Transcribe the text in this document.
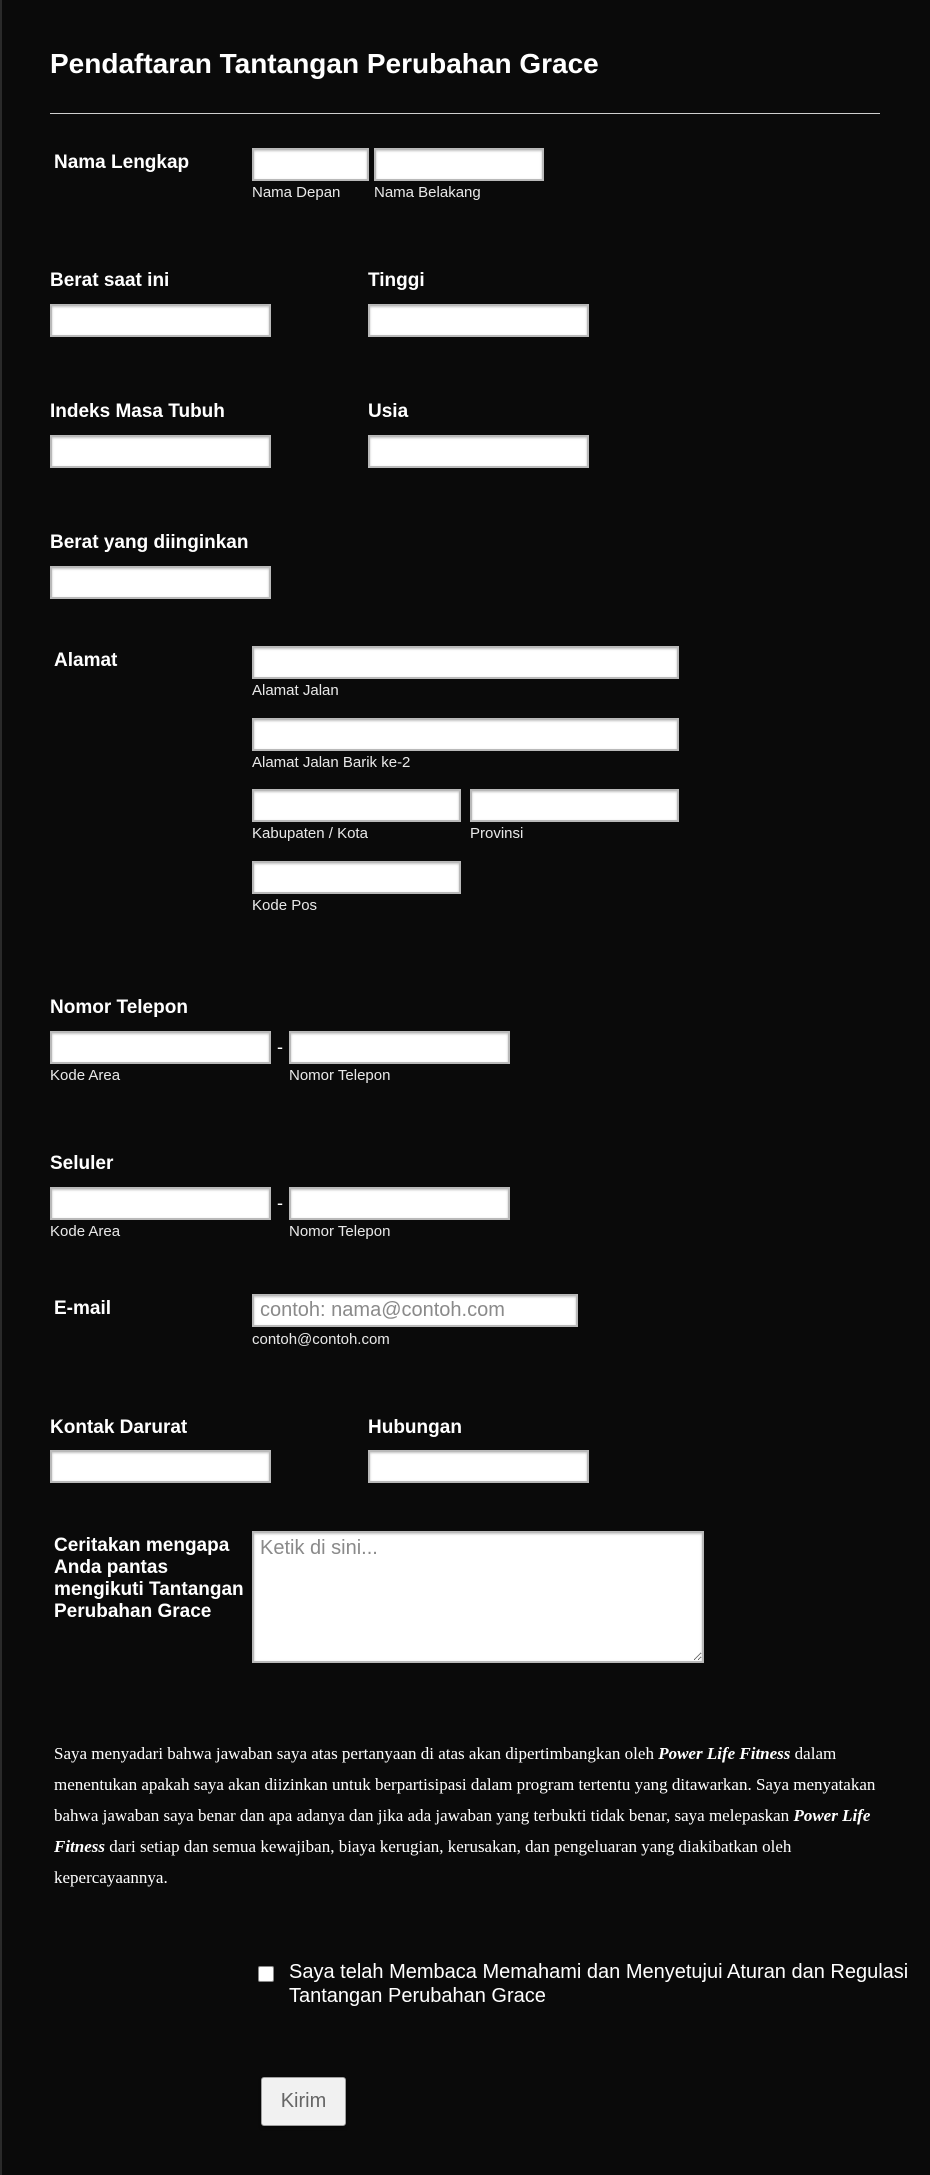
Pendaftaran Tantangan Perubahan Grace
Nama Lengkap
Nama Depan Nama Belakang
Berat saat ini	Tinggi
Indeks Masa Tubuh	Usia
Berat yang diinginkan
Alamat
Alamat Jalan
Alamat Jalan Barik ke-2
Kabupaten / Kota	Provinsi
Kode Pos
Nomor Telepon
-
Kode Area	Nomor Telepon
Seluler
-
Kode Area	Nomor Telepon
E-mail
contoh: nama@contoh.com
contoh@contoh.com
Kontak Darurat	Hubungan
Ceritakan mengapa Anda pantas mengikuti Tantangan Perubahan Grace
Ketik di sini...
Saya menyadari bahwa jawaban saya atas pertanyaan di atas akan dipertimbangkan oleh Power Life Fitness dalam menentukan apakah saya akan diizinkan untuk berpartisipasi dalam program tertentu yang ditawarkan. Saya menyatakan bahwa jawaban saya benar dan apa adanya dan jika ada jawaban yang terbukti tidak benar, saya melepaskan Power Life Fitness dari setiap dan semua kewajiban, biaya kerugian, kerusakan, dan pengeluaran yang diakibatkan oleh kepercayaannya.
Saya telah Membaca Memahami dan Menyetujui Aturan dan Regulasi Tantangan Perubahan Grace
Kirim
